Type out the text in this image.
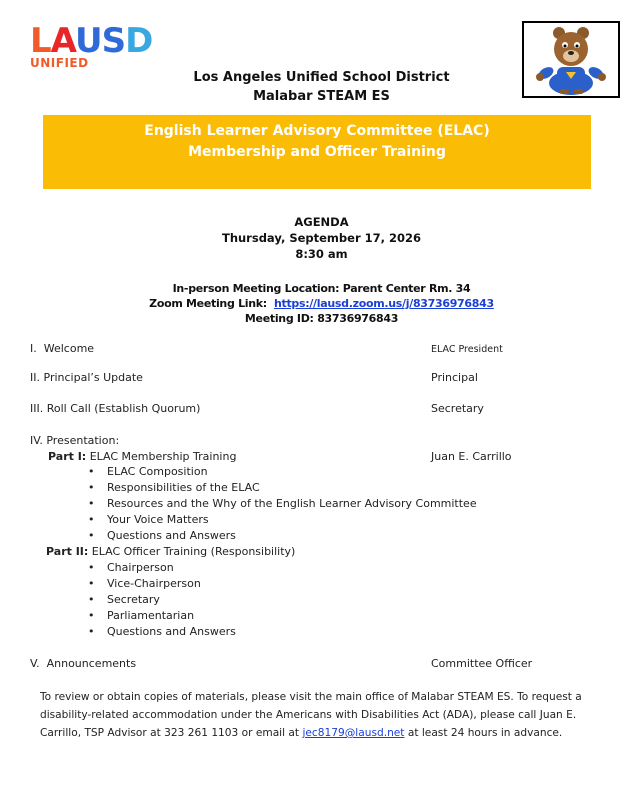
LAUSD
UNIFIED
Los Angeles Unified School District
Malabar STEAM ES
English Learner Advisory Committee (ELAC)
Membership and Officer Training
AGENDA
Thursday, September 17, 2026
8:30 am
In-person Meeting Location: Parent Center Rm. 34
Zoom Meeting Link: https://lausd.zoom.us/j/83736976843
Meeting ID: 83736976843
I. Welcome	ELAC President
II. Principal’s Update	Principal
III. Roll Call (Establish Quorum)	Secretary
IV. Presentation:
Part I: ELAC Membership Training	Juan E. Carrillo
• ELAC Composition
• Responsibilities of the ELAC
• Resources and the Why of the English Learner Advisory Committee
• Your Voice Matters
• Questions and Answers
Part II: ELAC Officer Training (Responsibility)
• Chairperson
• Vice-Chairperson
• Secretary
• Parliamentarian
• Questions and Answers
V. Announcements	Committee Officer
To review or obtain copies of materials, please visit the main office of Malabar STEAM ES. To request a disability-related accommodation under the Americans with Disabilities Act (ADA), please call Juan E. Carrillo, TSP Advisor at 323 261 1103 or email at jec8179@lausd.net at least 24 hours in advance.
